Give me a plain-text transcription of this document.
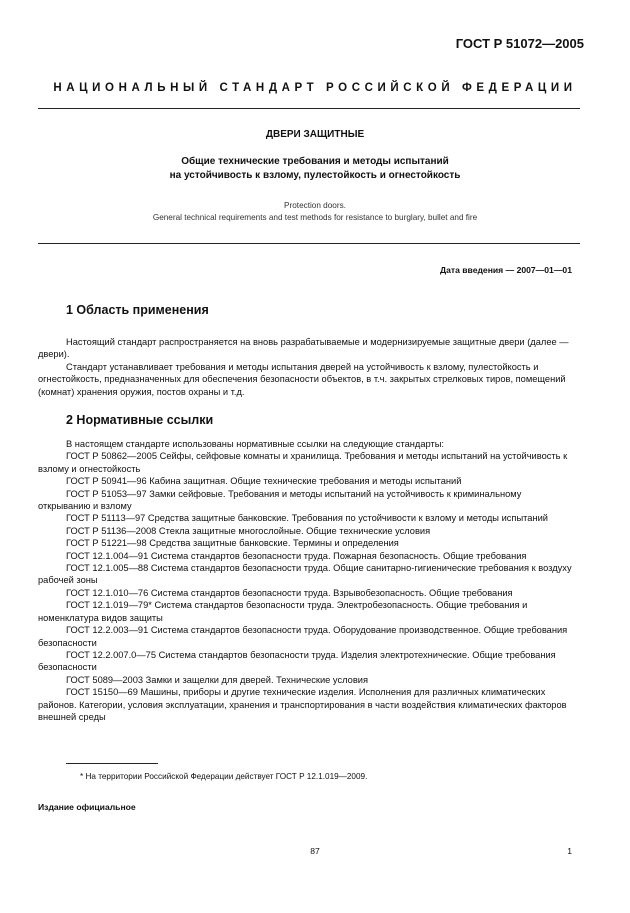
ГОСТ Р 51072—2005
НАЦИОНАЛЬНЫЙ СТАНДАРТ РОССИЙСКОЙ ФЕДЕРАЦИИ
ДВЕРИ ЗАЩИТНЫЕ
Общие технические требования и методы испытаний
на устойчивость к взлому, пулестойкость и огнестойкость
Protection doors.
General technical requirements and test methods for resistance to burglary, bullet and fire
Дата введения — 2007—01—01
1 Область применения

Настоящий стандарт распространяется на вновь разрабатываемые и модернизируемые защитные двери (далее — двери).

Стандарт устанавливает требования и методы испытания дверей на устойчивость к взлому, пулестойкость и огнестойкость, предназначенных для обеспечения безопасности объектов, в т.ч. закрытых стрелковых тиров, помещений (комнат) хранения оружия, постов охраны и т.д.

2 Нормативные ссылки

В настоящем стандарте использованы нормативные ссылки на следующие стандарты:

ГОСТ Р 50862—2005 Сейфы, сейфовые комнаты и хранилища. Требования и методы испытаний на устойчивость к взлому и огнестойкость

ГОСТ Р 50941—96 Кабина защитная. Общие технические требования и методы испытаний

ГОСТ Р 51053—97 Замки сейфовые. Требования и методы испытаний на устойчивость к криминальному открыванию и взлому

ГОСТ Р 51113—97 Средства защитные банковские. Требования по устойчивости к взлому и методы испытаний

ГОСТ Р 51136—2008 Стекла защитные многослойные. Общие технические условия

ГОСТ Р 51221—98 Средства защитные банковские. Термины и определения

ГОСТ 12.1.004—91 Система стандартов безопасности труда. Пожарная безопасность. Общие требования

ГОСТ 12.1.005—88 Система стандартов безопасности труда. Общие санитарно-гигиенические требования к воздуху рабочей зоны

ГОСТ 12.1.010—76 Система стандартов безопасности труда. Взрывобезопасность. Общие требования

ГОСТ 12.1.019—79* Система стандартов безопасности труда. Электробезопасность. Общие требования и номенклатура видов защиты

ГОСТ 12.2.003—91 Система стандартов безопасности труда. Оборудование производственное. Общие требования безопасности

ГОСТ 12.2.007.0—75 Система стандартов безопасности труда. Изделия электротехнические. Общие требования безопасности

ГОСТ 5089—2003 Замки и защелки для дверей. Технические условия

ГОСТ 15150—69 Машины, приборы и другие технические изделия. Исполнения для различных климатических районов. Категории, условия эксплуатации, хранения и транспортирования в части воздействия климатических факторов внешней среды

* На территории Российской Федерации действует ГОСТ Р 12.1.019—2009.
Издание официальное
87	1
